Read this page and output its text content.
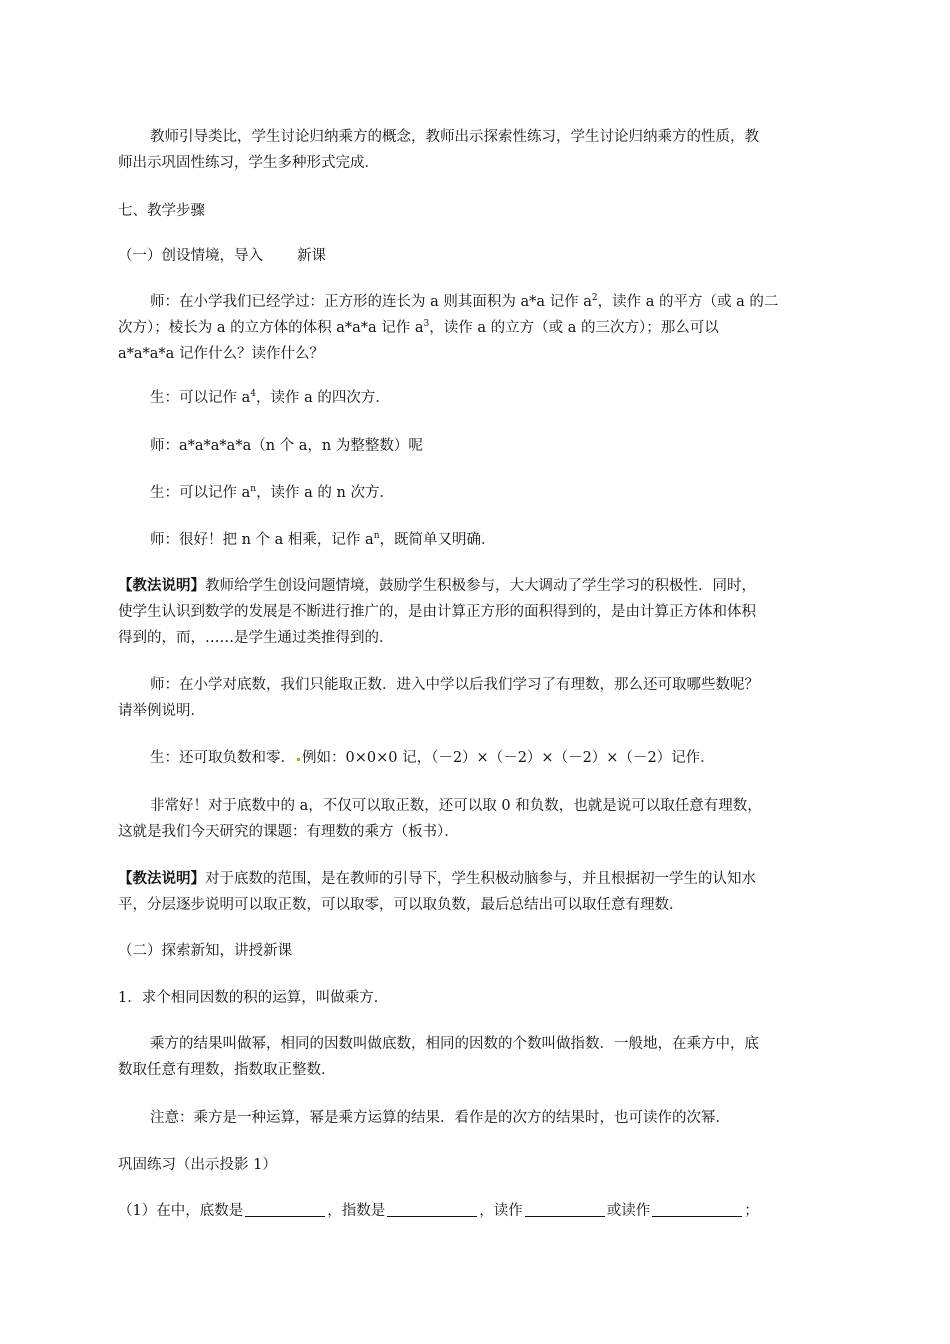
教师引导类比，学生讨论归纳乘方的概念，教师出示探索性练习，学生讨论归纳乘方的性质，教
师出示巩固性练习，学生多种形式完成．

七、教学步骤

（一）创设情境，导入 新课

师：在小学我们已经学过：正方形的连长为 a 则其面积为 a*a 记作 $a^2$，读作 a 的平方（或 a 的二
次方）；棱长为 a 的立方体的体积 a*a*a 记作 $a^3$，读作 a 的立方（或 a 的三次方）；那么可以
a*a*a*a 记作什么？读作什么？

生：可以记作 $a^4$，读作 a 的四次方．

师：a*a*a*a*a（n 个 a，n 为整整数）呢

生：可以记作 $a^n$，读作 a 的 n 次方．

师：很好！把 n 个 a 相乘，记作 $a^n$，既简单又明确．

【教法说明】教师给学生创设问题情境，鼓励学生积极参与，大大调动了学生学习的积极性．同时，
使学生认识到数学的发展是不断进行推广的，是由计算正方形的面积得到的，是由计算正方体和体积
得到的，而，……是学生通过类推得到的．

师：在小学对底数，我们只能取正数．进入中学以后我们学习了有理数，那么还可取哪些数呢？
请举例说明．

生：还可取负数和零． 例如：0×0×0 记，（－2）×（－2）×（－2）×（－2）记作．

非常好！对于底数中的 a，不仅可以取正数，还可以取 0 和负数，也就是说可以取任意有理数，
这就是我们今天研究的课题：有理数的乘方（板书）．

【教法说明】对于底数的范围，是在教师的引导下，学生积极动脑参与，并且根据初一学生的认知水
平，分层逐步说明可以取正数，可以取零，可以取负数，最后总结出可以取任意有理数．

（二）探索新知，讲授新课

1．求个相同因数的积的运算，叫做乘方．

乘方的结果叫做幂，相同的因数叫做底数，相同的因数的个数叫做指数．一般地，在乘方中，底
数取任意有理数，指数取正整数．

注意：乘方是一种运算，幂是乘方运算的结果．看作是的次方的结果时，也可读作的次幂．

巩固练习（出示投影 1）

（1）在中，底数是	，指数是	，读作	或读作	；
